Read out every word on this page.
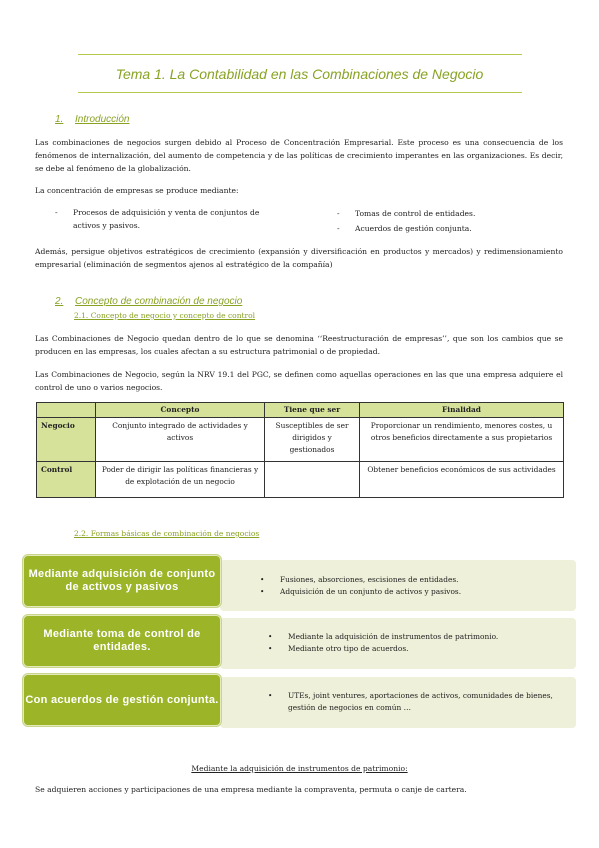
Tema 1. La Contabilidad en las Combinaciones de Negocio
1. Introducción
Las combinaciones de negocios surgen debido al Proceso de Concentración Empresarial. Este proceso es una consecuencia de los fenómenos de internalización, del aumento de competencia y de las políticas de crecimiento imperantes en las organizaciones. Es decir, se debe al fenómeno de la globalización.
La concentración de empresas se produce mediante:
- Procesos de adquisición y venta de conjuntos de activos y pasivos.
- Tomas de control de entidades.
- Acuerdos de gestión conjunta.
Además, persigue objetivos estratégicos de crecimiento (expansión y diversificación en productos y mercados) y redimensionamiento empresarial (eliminación de segmentos ajenos al estratégico de la compañía)
2. Concepto de combinación de negocio
2.1. Concepto de negocio y concepto de control
Las Combinaciones de Negocio quedan dentro de lo que se denomina ‘‘Reestructuración de empresas’’, que son los cambios que se producen en las empresas, los cuales afectan a su estructura patrimonial o de propiedad.
Las Combinaciones de Negocio, según la NRV 19.1 del PGC, se definen como aquellas operaciones en las que una empresa adquiere el control de uno o varios negocios.
	Concepto	Tiene que ser	Finalidad
Negocio	Conjunto integrado de actividades y activos	Susceptibles de ser dirigidos y gestionados	Proporcionar un rendimiento, menores costes, u otros beneficios directamente a sus propietarios
Control	Poder de dirigir las políticas financieras y de explotación de un negocio		Obtener beneficios económicos de sus actividades
2.2. Formas básicas de combinación de negocios
• Fusiones, absorciones, escisiones de entidades.
• Adquisición de un conjunto de activos y pasivos.
Mediante adquisición de conjunto de activos y pasivos
• Mediante la adquisición de instrumentos de patrimonio.
• Mediante otro tipo de acuerdos.
Mediante toma de control de entidades.
• UTEs, joint ventures, aportaciones de activos, comunidades de bienes, gestión de negocios en común …
Con acuerdos de gestión conjunta.
Mediante la adquisición de instrumentos de patrimonio:
Se adquieren acciones y participaciones de una empresa mediante la compraventa, permuta o canje de cartera.
